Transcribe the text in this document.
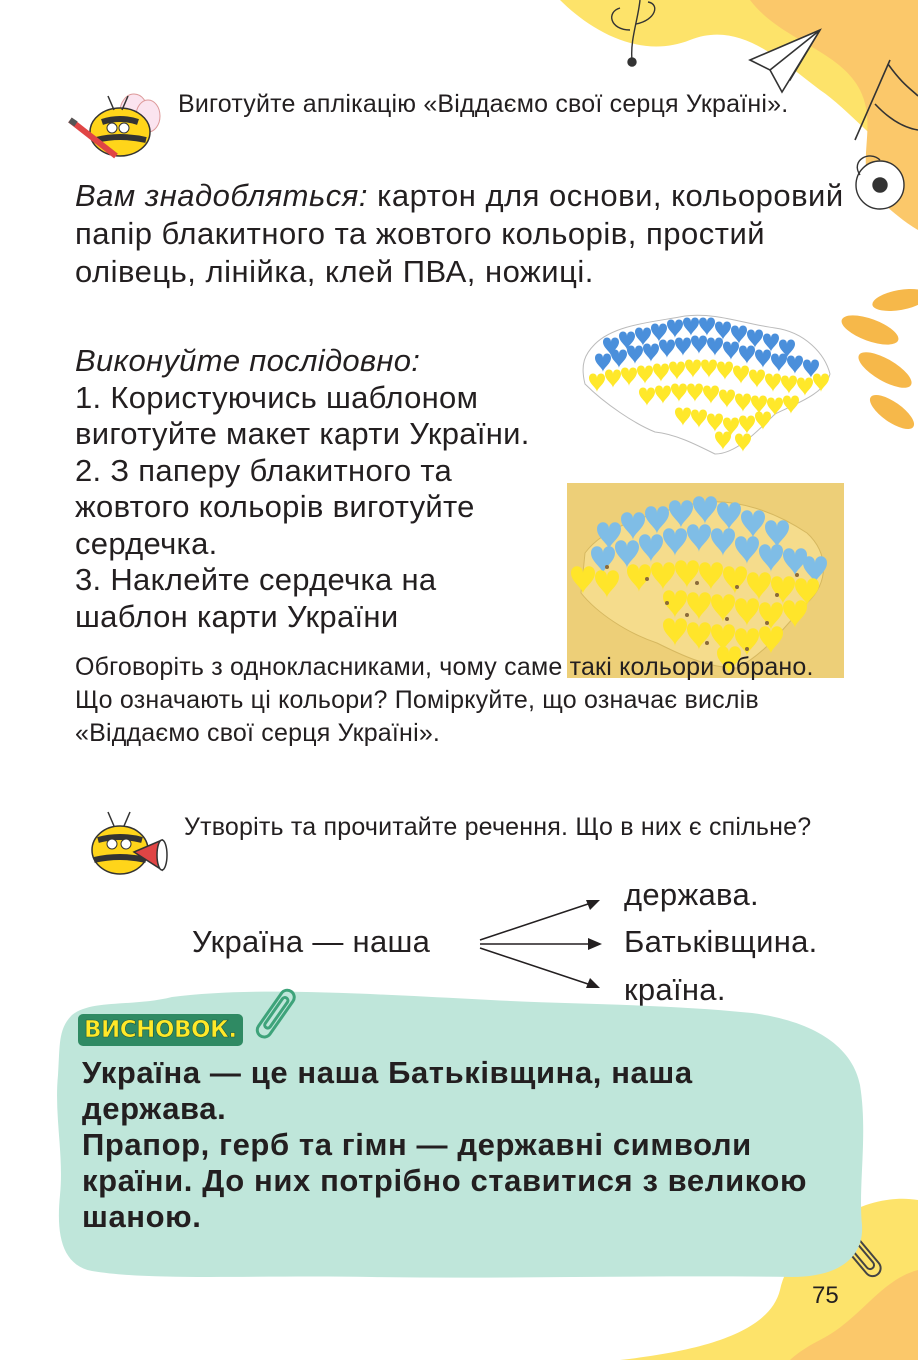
Виготуйте аплікацію «Віддаємо свої серця Україні».
Вам знадобляться: картон для основи, кольоровий папір блакитного та жовтого кольорів, простий олівець, лінійка, клей ПВА, ножиці.
Виконуйте послідовно:
1. Користуючись шаблоном виготуйте макет карти України.
2. З паперу блакитного та жовтого кольорів виготуйте сердечка.
3. Наклейте сердечка на шаблон карти України
Обговоріть з однокласниками, чому саме такі кольори обрано. Що означають ці кольори? Поміркуйте, що означає вислів «Віддаємо свої серця Україні».
Утворіть та прочитайте речення. Що в них є спільне?
Україна — наша
держава.
Батьківщина.
країна.
ВИСНОВОК.
Україна — це наша Батьківщина, наша держава.
Прапор, герб та гімн — державні символи країни. До них потрібно ставитися з великою шаною.
75
